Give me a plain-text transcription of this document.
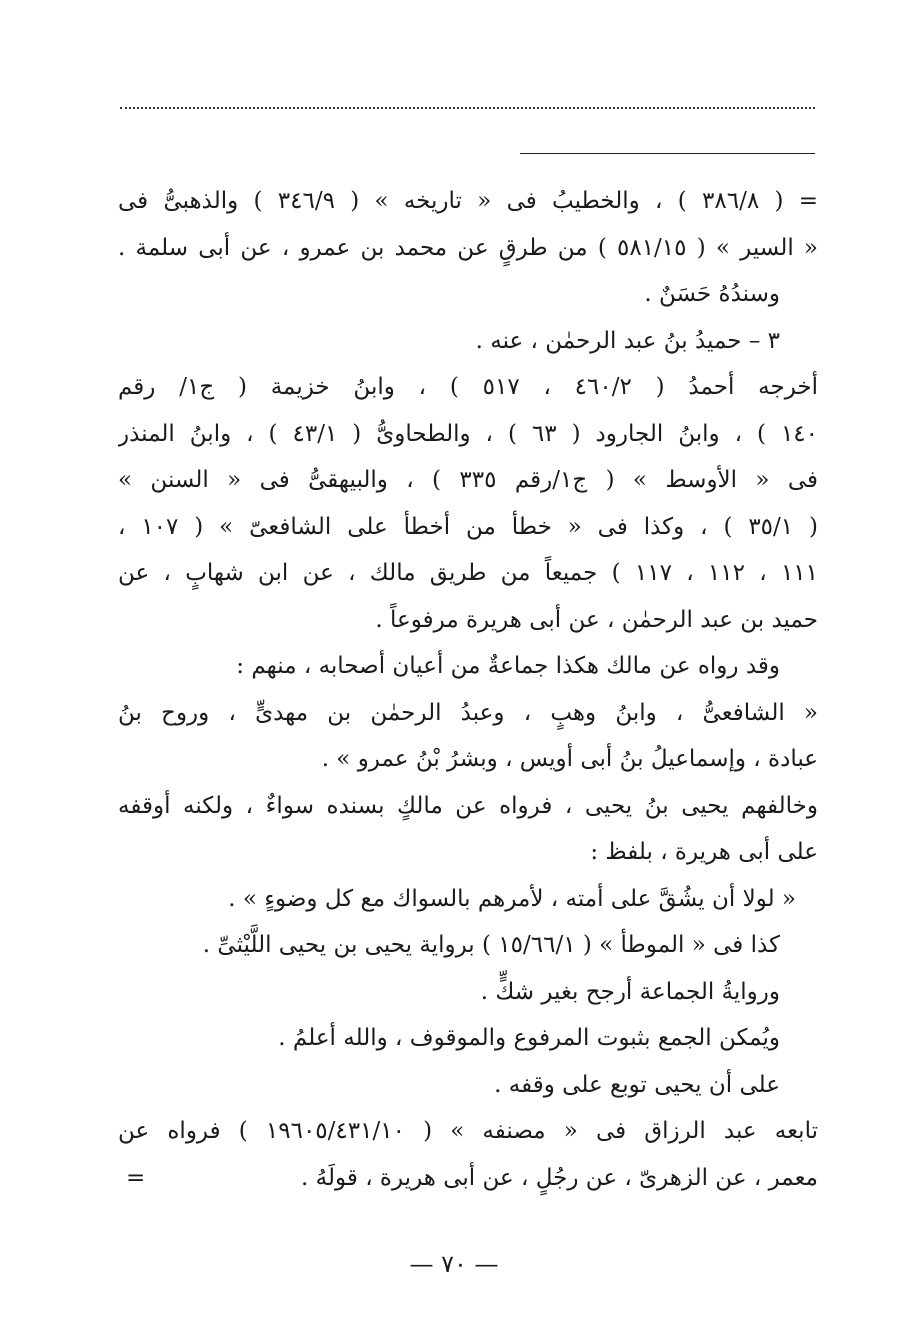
= ( ٣٨٦/٨ ) ، والخطيبُ فى « تاريخه » ( ٣٤٦/٩ ) والذهبىُّ فى
« السير » ( ٥٨١/١٥ ) من طرقٍ عن محمد بن عمرو ، عن أبى سلمة .
وسندُهُ حَسَنٌ .
٣ – حميدُ بنُ عبد الرحمٰن ، عنه .
أخرجه أحمدُ ( ٤٦٠/٢ ، ٥١٧ ) ، وابنُ خزيمة ( ج١/ رقم
١٤٠ ) ، وابنُ الجارود ( ٦٣ ) ، والطحاوىُّ ( ٤٣/١ ) ، وابنُ المنذر
فى « الأوسط » ( ج١/رقم ٣٣٥ ) ، والبيهقىُّ فى « السنن »
( ٣٥/١ ) ، وكذا فى « خطأ من أخطأ على الشافعىّ » ( ١٠٧ ،
١١١ ، ١١٢ ، ١١٧ ) جميعاً من طريق مالك ، عن ابن شهابٍ ، عن
حميد بن عبد الرحمٰن ، عن أبى هريرة مرفوعاً .
وقد رواه عن مالك هكذا جماعةٌ من أعيان أصحابه ، منهم :
« الشافعىُّ ، وابنُ وهبٍ ، وعبدُ الرحمٰن بن مهدىٍّ ، وروح بنُ
عبادة ، وإسماعيلُ بنُ أبى أويس ، وبشرُ بْنُ عمرو » .
وخالفهم يحيى بنُ يحيى ، فرواه عن مالكٍ بسنده سواءٌ ، ولكنه أوقفه
على أبى هريرة ، بلفظ :
« لولا أن يشُقَّ على أمته ، لأمرهم بالسواك مع كل وضوءٍ » .
كذا فى « الموطأ » ( ١٥/٦٦/١ ) برواية يحيى بن يحيى اللَّيْثىِّ .
وروايةُ الجماعة أرجح بغير شكٍّ .
ويُمكن الجمع بثبوت المرفوع والموقوف ، والله أعلمُ .
على أن يحيى توبع على وقفه .
تابعه عبد الرزاق فى « مصنفه » ( ١٩٦٠٥/٤٣١/١٠ ) فرواه عن
معمر ، عن الزهرىّ ، عن رجُلٍ ، عن أبى هريرة ، قولَهُ .
=
— ٧٠ —
